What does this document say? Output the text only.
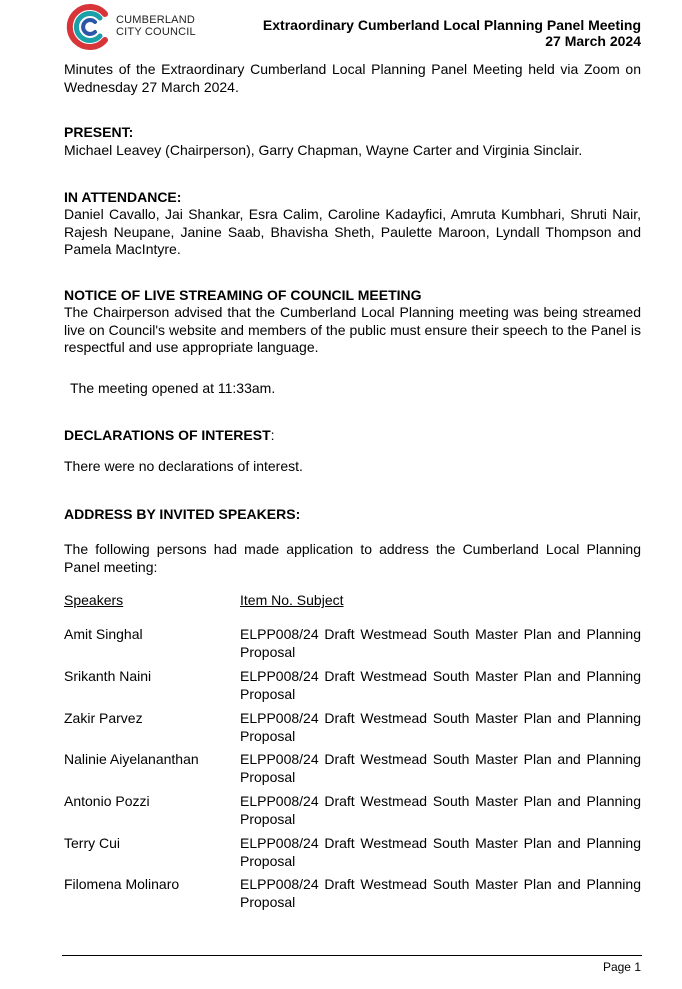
CUMBERLAND
CITY COUNCIL	Extraordinary Cumberland Local Planning Panel Meeting
27 March 2024
Minutes of the Extraordinary Cumberland Local Planning Panel Meeting held via Zoom on Wednesday 27 March 2024.
PRESENT:
Michael Leavey (Chairperson), Garry Chapman, Wayne Carter and Virginia Sinclair.
IN ATTENDANCE:
Daniel Cavallo, Jai Shankar, Esra Calim, Caroline Kadayfici, Amruta Kumbhari, Shruti Nair, Rajesh Neupane, Janine Saab, Bhavisha Sheth, Paulette Maroon, Lyndall Thompson and Pamela MacIntyre.
NOTICE OF LIVE STREAMING OF COUNCIL MEETING
The Chairperson advised that the Cumberland Local Planning meeting was being streamed live on Council's website and members of the public must ensure their speech to the Panel is respectful and use appropriate language.
The meeting opened at 11:33am.
DECLARATIONS OF INTEREST:
There were no declarations of interest.
ADDRESS BY INVITED SPEAKERS:
The following persons had made application to address the Cumberland Local Planning Panel meeting:
Speakers	Item No. Subject
Amit Singhal	ELPP008/24 Draft Westmead South Master Plan and Planning Proposal
Srikanth Naini	ELPP008/24 Draft Westmead South Master Plan and Planning Proposal
Zakir Parvez	ELPP008/24 Draft Westmead South Master Plan and Planning Proposal
Nalinie Aiyelananthan	ELPP008/24 Draft Westmead South Master Plan and Planning Proposal
Antonio Pozzi	ELPP008/24 Draft Westmead South Master Plan and Planning Proposal
Terry Cui	ELPP008/24 Draft Westmead South Master Plan and Planning Proposal
Filomena Molinaro	ELPP008/24 Draft Westmead South Master Plan and Planning Proposal
Page 1
